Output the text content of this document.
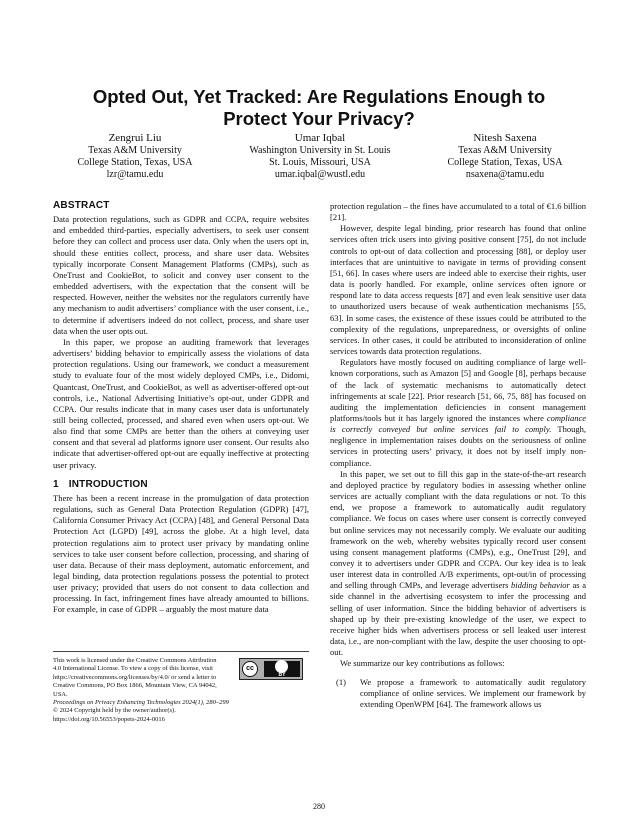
Opted Out, Yet Tracked: Are Regulations Enough to Protect Your Privacy?
Zengrui Liu
Texas A&M University
College Station, Texas, USA
lzr@tamu.edu
Umar Iqbal
Washington University in St. Louis
St. Louis, Missouri, USA
umar.iqbal@wustl.edu
Nitesh Saxena
Texas A&M University
College Station, Texas, USA
nsaxena@tamu.edu
ABSTRACT

Data protection regulations, such as GDPR and CCPA, require websites and embedded third-parties, especially advertisers, to seek user consent before they can collect and process user data. Only when the users opt in, should these entities collect, process, and share user data. Websites typically incorporate Consent Management Platforms (CMPs), such as OneTrust and CookieBot, to solicit and convey user consent to the embedded advertisers, with the expectation that the consent will be respected. However, neither the websites nor the regulators currently have any mechanism to audit advertisers’ compliance with the user consent, i.e., to determine if advertisers indeed do not collect, process, and share user data when the user opts out.

In this paper, we propose an auditing framework that leverages advertisers’ bidding behavior to empirically assess the violations of data protection regulations. Using our framework, we conduct a measurement study to evaluate four of the most widely deployed CMPs, i.e., Didomi, Quantcast, OneTrust, and CookieBot, as well as advertiser-offered opt-out controls, i.e., National Advertising Initiative’s opt-out, under GDPR and CCPA. Our results indicate that in many cases user data is unfortunately still being collected, processed, and shared even when users opt-out. We also find that some CMPs are better than the others at conveying user consent and that several ad platforms ignore user consent. Our results also indicate that advertiser-offered opt-out are equally ineffective at protecting user privacy.

1 INTRODUCTION

There has been a recent increase in the promulgation of data protection regulations, such as General Data Protection Regulation (GDPR) [47], California Consumer Privacy Act (CCPA) [48], and General Personal Data Protection Act (LGPD) [49], across the globe. At a high level, data protection regulations aim to protect user privacy by mandating online services to take user consent before collection, processing, and sharing of user data. Because of their mass deployment, automatic enforcement, and legal binding, data protection regulations possess the potential to protect user privacy; provided that users do not consent to data collection and processing. In fact, infringement fines have already amounted to billions. For example, in case of GDPR – arguably the most mature data

This work is licensed under the Creative Commons Attribution 4.0 International License. To view a copy of this license, visit https://creativecommons.org/licenses/by/4.0/ or send a letter to Creative Commons, PO Box 1866, Mountain View, CA 94042, USA.
cc
BY
Proceedings on Privacy Enhancing Technologies 2024(1), 280–299
© 2024 Copyright held by the owner/author(s).
https://doi.org/10.56553/popets-2024-0016

protection regulation – the fines have accumulated to a total of €1.6 billion [21].

However, despite legal binding, prior research has found that online services often trick users into giving positive consent [75], do not include controls to opt-out of data collection and processing [88], or deploy user interfaces that are unintuitive to navigate in terms of providing consent [51, 66]. In cases where users are indeed able to exercise their rights, user data is poorly handled. For example, online services often ignore or respond late to data access requests [87] and even leak sensitive user data to unauthorized users because of weak authentication mechanisms [55, 63]. In some cases, the existence of these issues could be attributed to the complexity of the regulations, unpreparedness, or oversights of online services. In other cases, it could be attributed to inconsideration of online services towards data protection regulations.

Regulators have mostly focused on auditing compliance of large well-known corporations, such as Amazon [5] and Google [8], perhaps because of the lack of systematic mechanisms to automatically detect infringements at scale [22]. Prior research [51, 66, 75, 88] has focused on auditing the implementation deficiencies in consent management platforms/tools but it has largely ignored the instances where compliance is correctly conveyed but online services fail to comply. Though, negligence in implementation raises doubts on the seriousness of online services in protecting users’ privacy, it does not by itself imply non-compliance.

In this paper, we set out to fill this gap in the state-of-the-art research and deployed practice by regulatory bodies in assessing whether online services are actually compliant with the data regulations or not. To this end, we propose a framework to automatically audit regulatory compliance. We focus on cases where user consent is correctly conveyed but online services may not necessarily comply. We evaluate our auditing framework on the web, whereby websites typically record user consent using consent management platforms (CMPs), e.g., OneTrust [29], and convey it to advertisers under GDPR and CCPA. Our key idea is to leak user interest data in controlled A/B experiments, opt-out/in of processing and selling through CMPs, and leverage advertisers bidding behavior as a side channel in the advertising ecosystem to infer the processing and selling of user information. Since the bidding behavior of advertisers is shaped up by their pre-existing knowledge of the user, we expect to receive higher bids when advertisers process or sell leaked user interest data, i.e., are non-compliant with the law, despite the user choosing to opt-out.

We summarize our key contributions as follows:

(1) We propose a framework to automatically audit regulatory compliance of online services. We implement our framework by extending OpenWPM [64]. The framework allows us
280
